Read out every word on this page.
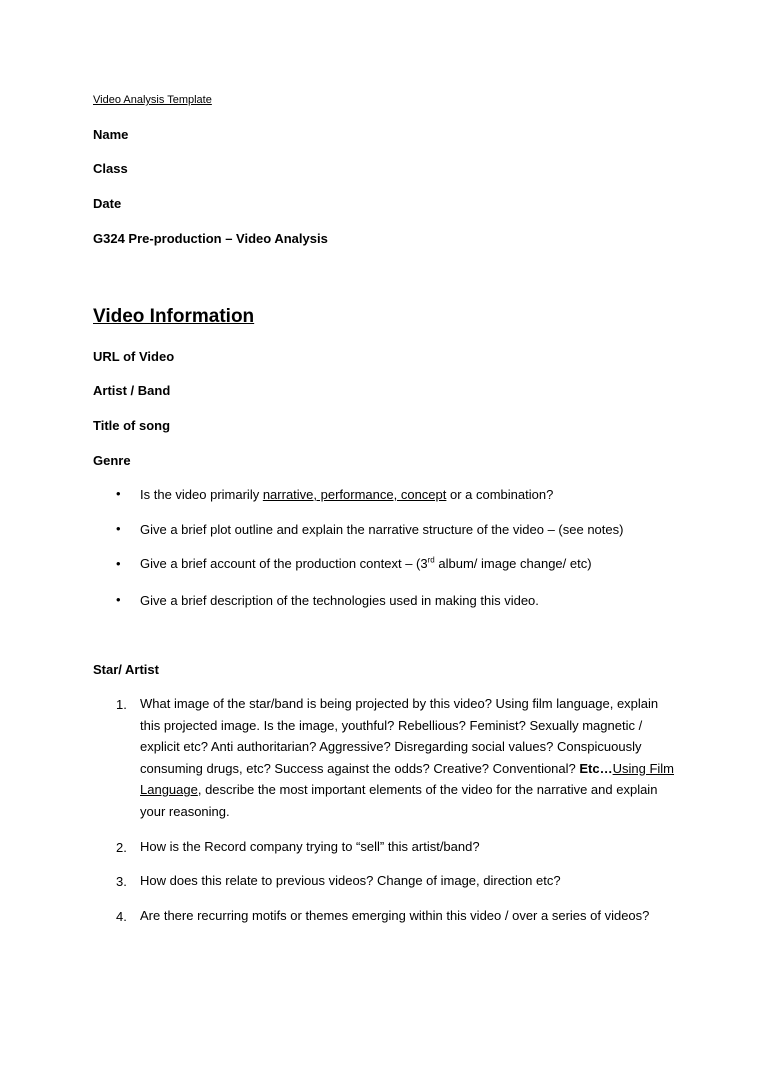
Video Analysis Template
Name
Class
Date
G324 Pre-production – Video Analysis
Video Information
URL of Video
Artist / Band
Title of song
Genre
• Is the video primarily narrative, performance, concept or a combination?
• Give a brief plot outline and explain the narrative structure of the video – (see notes)
• Give a brief account of the production context – (3rd album/ image change/ etc)
• Give a brief description of the technologies used in making this video.
Star/ Artist
1. What image of the star/band is being projected by this video? Using film language, explain this projected image. Is the image, youthful? Rebellious? Feminist? Sexually magnetic / explicit etc? Anti authoritarian? Aggressive? Disregarding social values? Conspicuously consuming drugs, etc? Success against the odds? Creative? Conventional? Etc…Using Film Language, describe the most important elements of the video for the narrative and explain your reasoning.
2. How is the Record company trying to “sell” this artist/band?
3. How does this relate to previous videos? Change of image, direction etc?
4. Are there recurring motifs or themes emerging within this video / over a series of videos?
